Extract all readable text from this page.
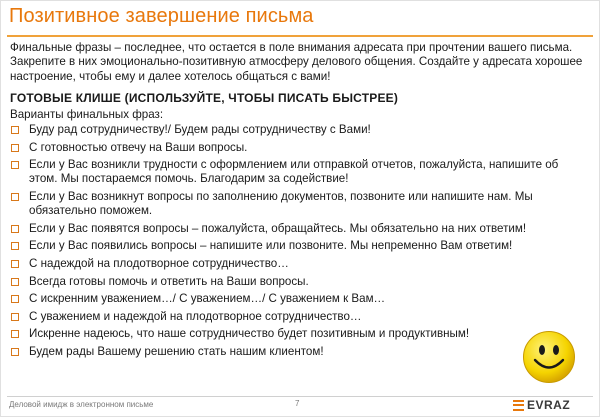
Позитивное завершение письма

Финальные фразы – последнее, что остается в поле внимания адресата при прочтении вашего письма. Закрепите в них эмоционально-позитивную атмосферу делового общения. Создайте у адресата хорошее настроение, чтобы ему и далее хотелось общаться с вами!

ГОТОВЫЕ КЛИШЕ (ИСПОЛЬЗУЙТЕ, ЧТОБЫ ПИСАТЬ БЫСТРЕЕ)
Варианты финальных фраз:
Буду рад сотрудничеству!/ Будем рады сотрудничеству с Вами!
С готовностью отвечу на Ваши вопросы.
Если у Вас возникли трудности с оформлением или отправкой отчетов, пожалуйста, напишите об этом. Мы постараемся помочь. Благодарим за содействие!
Если у Вас возникнут вопросы по заполнению документов, позвоните или напишите нам. Мы обязательно поможем.
Если у Вас появятся вопросы – пожалуйста, обращайтесь. Мы обязательно на них ответим!
Если у Вас появились вопросы – напишите или позвоните. Мы непременно Вам ответим!
С надеждой на плодотворное сотрудничество…
Всегда готовы помочь и ответить на Ваши вопросы.
С искренним уважением…/ С уважением…/ С уважением к Вам…
С уважением и надеждой на плодотворное сотрудничество…
Искренне надеюсь, что наше сотрудничество будет позитивным и продуктивным!
Будем рады Вашему решению стать нашим клиентом!
Деловой имидж в электронном письме	7	EVRAZ
